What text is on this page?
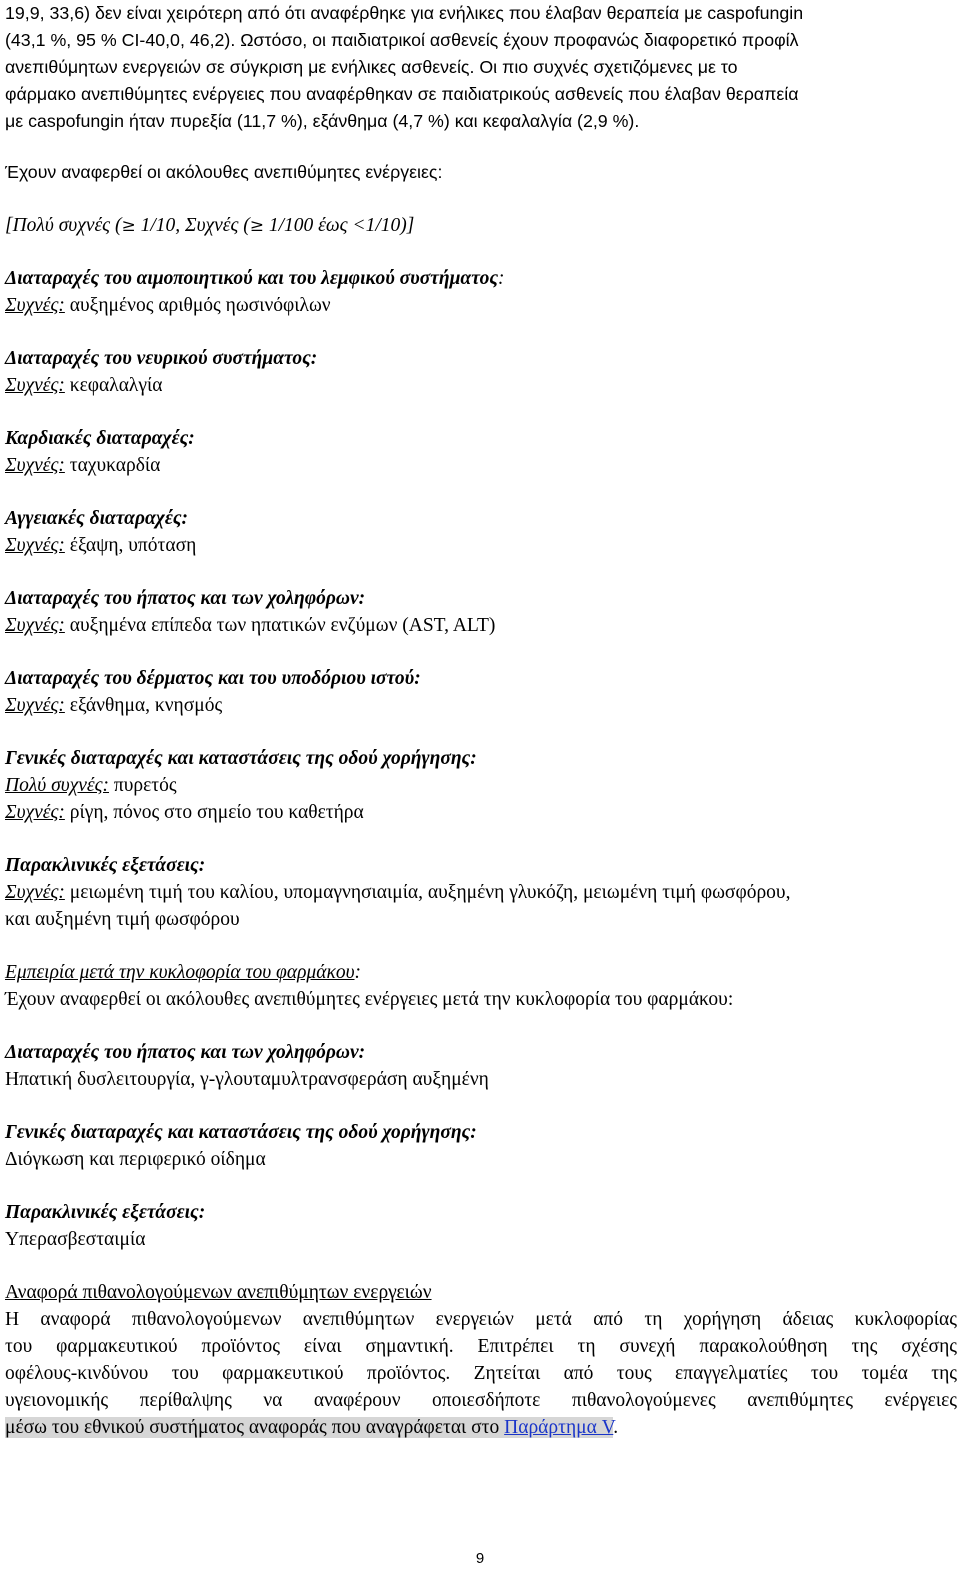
19,9, 33,6) δεν είναι χειρότερη από ότι αναφέρθηκε για ενήλικες που έλαβαν θεραπεία με caspofungin
(43,1 %, 95 % CI-40,0, 46,2). Ωστόσο, οι παιδιατρικοί ασθενείς έχουν προφανώς διαφορετικό προφίλ
ανεπιθύμητων ενεργειών σε σύγκριση με ενήλικες ασθενείς. Οι πιο συχνές σχετιζόμενες με το
φάρμακο ανεπιθύμητες ενέργειες που αναφέρθηκαν σε παιδιατρικούς ασθενείς που έλαβαν θεραπεία
με caspofungin ήταν πυρεξία (11,7 %), εξάνθημα (4,7 %) και κεφαλαλγία (2,9 %).
Έχουν αναφερθεί οι ακόλουθες ανεπιθύμητες ενέργειες:
[Πολύ συχνές (≥ 1/10, Συχνές (≥ 1/100 έως <1/10)]
Διαταραχές του αιμοποιητικού και του λεμφικού συστήματος:
Συχνές: αυξημένος αριθμός ηωσινόφιλων
Διαταραχές του νευρικού συστήματος:
Συχνές: κεφαλαλγία
Καρδιακές διαταραχές:
Συχνές: ταχυκαρδία
Αγγειακές διαταραχές:
Συχνές: έξαψη, υπόταση
Διαταραχές του ήπατος και των χοληφόρων:
Συχνές: αυξημένα επίπεδα των ηπατικών ενζύμων (AST, ALT)
Διαταραχές του δέρματος και του υποδόριου ιστού:
Συχνές: εξάνθημα, κνησμός
Γενικές διαταραχές και καταστάσεις της οδού χορήγησης:
Πολύ συχνές: πυρετός
Συχνές: ρίγη, πόνος στο σημείο του καθετήρα
Παρακλινικές εξετάσεις:
Συχνές: μειωμένη τιμή του καλίου, υπομαγνησιαιμία, αυξημένη γλυκόζη, μειωμένη τιμή φωσφόρου,
και αυξημένη τιμή φωσφόρου
Εμπειρία μετά την κυκλοφορία του φαρμάκου:
Έχουν αναφερθεί οι ακόλουθες ανεπιθύμητες ενέργειες μετά την κυκλοφορία του φαρμάκου:
Διαταραχές του ήπατος και των χοληφόρων:
Ηπατική δυσλειτουργία, γ-γλουταμυλτρανσφεράση αυξημένη
Γενικές διαταραχές και καταστάσεις της οδού χορήγησης:
Διόγκωση και περιφερικό οίδημα
Παρακλινικές εξετάσεις:
Υπερασβεσταιμία
Αναφορά πιθανολογούμενων ανεπιθύμητων ενεργειών
Η αναφορά πιθανολογούμενων ανεπιθύμητων ενεργειών μετά από τη χορήγηση άδειας κυκλοφορίας
του φαρμακευτικού προϊόντος είναι σημαντική. Επιτρέπει τη συνεχή παρακολούθηση της σχέσης
οφέλους-κινδύνου του φαρμακευτικού προϊόντος. Ζητείται από τους επαγγελματίες του τομέα της
υγειονομικής περίθαλψης να αναφέρουν οποιεσδήποτε πιθανολογούμενες ανεπιθύμητες ενέργειες
μέσω του εθνικού συστήματος αναφοράς που αναγράφεται στο Παράρτημα V.
9
